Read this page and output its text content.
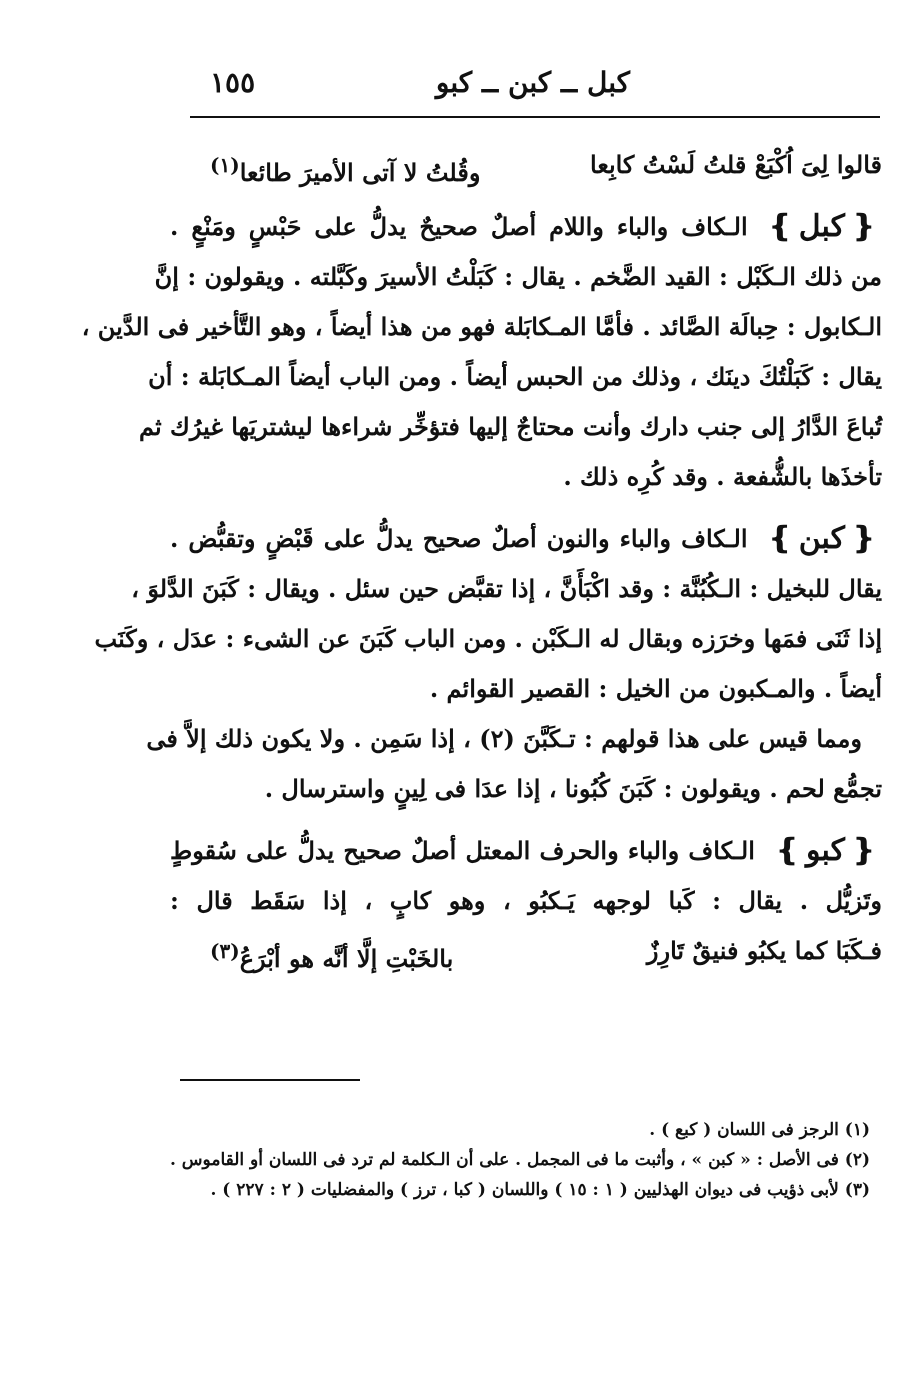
كبل ــ كبن ــ كبو
١٥٥
قالوا لِىَ اُكْبَعْ قلتُ لَسْتُ كابِعا
وقُلتُ لا آتى الأميرَ طائعا$^{(١)}$
❴
كبل
❵
الـكاف والباء واللام أصلٌ صحيحٌ يدلُّ على حَبْسٍ ومَنْعٍ .
من ذلك الـكَبْل : القيد الضَّخم . يقال : كَبَلْتُ الأسيرَ وكَبَّلته . ويقولون : إنَّ
الـكابول : حِبالَة الصَّائد . فأمَّا المـكابَلة فهو من هذا أيضاً ، وهو التَّأخير فى الدَّين ،
يقال : كَبَلْتُكَ دينَك ، وذلك من الحبس أيضاً . ومن الباب أيضاً المـكابَلة : أن
تُباعَ الدَّارُ إلى جنب دارك وأنت محتاجٌ إليها فتؤخِّر شراءها ليشتريَها غيرُك ثم
تأخذَها بالشُّفعة . وقد كُرِه ذلك .
❴
كبن
❵
الـكاف والباء والنون أصلٌ صحيح يدلُّ على قَبْضٍ وتقبُّض .
يقال للبخيل : الـكُبُنَّة : وقد اكْبَأَنَّ ، إذا تقبَّض حين سئل . ويقال : كَبَنَ الدَّلوَ ،
إذا ثَنَى فمَها وخرَزه وبقال له الـكَبْن . ومن الباب كَبَنَ عن الشىء : عدَل ، وكَنَب
أيضاً . والمـكبون من الخيل : القصير القوائم .
ومما قيس على هذا قولهم : تـكَبَّنَ (٢) ، إذا سَمِن . ولا يكون ذلك إلاَّ فى
تجمُّع لحم . ويقولون : كَبَنَ كُبُونا ، إذا عدَا فى لِينٍ واسترسال .
❴
كبو
❵
الـكاف والباء والحرف المعتل أصلٌ صحيح يدلُّ على سُقوطٍ
وتَزيُّل . يقال : كَبا لوجهه يَـكبُو ، وهو كابٍ ، إذا سَقَط قال :
فـكَبَا كما يكبُو فنيقٌ تَارِزٌ
بالخَبْتِ إلَّا أنَّه هو أبْرَعُ$^{(٣)}$
(١) الرجز فى اللسان ( كبع ) .
(٢) فى الأصل : « كبن » ، وأثبت ما فى المجمل . على أن الـكلمة لم ترد فى اللسان أو القاموس .
(٣) لأبى ذؤيب فى ديوان الهذليين ( ١ : ١٥ ) واللسان ( كبا ، ترز ) والمفضليات ( ٢ : ٢٢٧ ) .
